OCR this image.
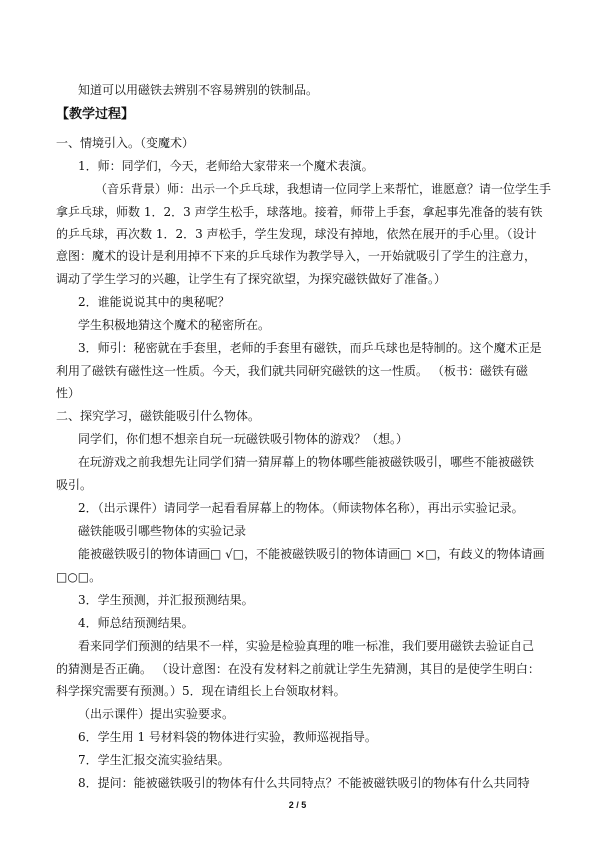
知道可以用磁铁去辨别不容易辨别的铁制品。
【教学过程】
一、情境引入。（变魔术）
1．师：同学们，今天，老师给大家带来一个魔术表演。
（音乐背景）师：出示一个乒乓球，我想请一位同学上来帮忙，谁愿意？请一位学生手
拿乒乓球，师数 1．2．3 声学生松手，球落地。接着，师带上手套，拿起事先准备的装有铁
的乒乓球，再次数 1．2．3 声松手，学生发现，球没有掉地，依然在展开的手心里。（设计
意图：魔术的设计是利用掉不下来的乒乓球作为教学导入，一开始就吸引了学生的注意力，
调动了学生学习的兴趣，让学生有了探究欲望，为探究磁铁做好了准备。）
2．谁能说说其中的奥秘呢？
学生积极地猜这个魔术的秘密所在。
3．师引：秘密就在手套里，老师的手套里有磁铁，而乒乓球也是特制的。这个魔术正是
利用了磁铁有磁性这一性质。今天，我们就共同研究磁铁的这一性质。 （板书：磁铁有磁
性）
二、探究学习，磁铁能吸引什么物体。
同学们，你们想不想亲自玩一玩磁铁吸引物体的游戏？（想。）
在玩游戏之前我想先让同学们猜一猜屏幕上的物体哪些能被磁铁吸引，哪些不能被磁铁
吸引。
2．（出示课件）请同学一起看看屏幕上的物体。（师读物体名称），再出示实验记录。
磁铁能吸引哪些物体的实验记录
能被磁铁吸引的物体请画□ √□，不能被磁铁吸引的物体请画□ ×□，有歧义的物体请画
□○□。
3．学生预测，并汇报预测结果。
4．师总结预测结果。
看来同学们预测的结果不一样，实验是检验真理的唯一标准，我们要用磁铁去验证自己
的猜测是否正确。 （设计意图：在没有发材料之前就让学生先猜测，其目的是使学生明白：
科学探究需要有预测。）5．现在请组长上台领取材料。
（出示课件）提出实验要求。
6．学生用 1 号材料袋的物体进行实验，教师巡视指导。
7．学生汇报交流实验结果。
8．提问：能被磁铁吸引的物体有什么共同特点？不能被磁铁吸引的物体有什么共同特
2 / 5
